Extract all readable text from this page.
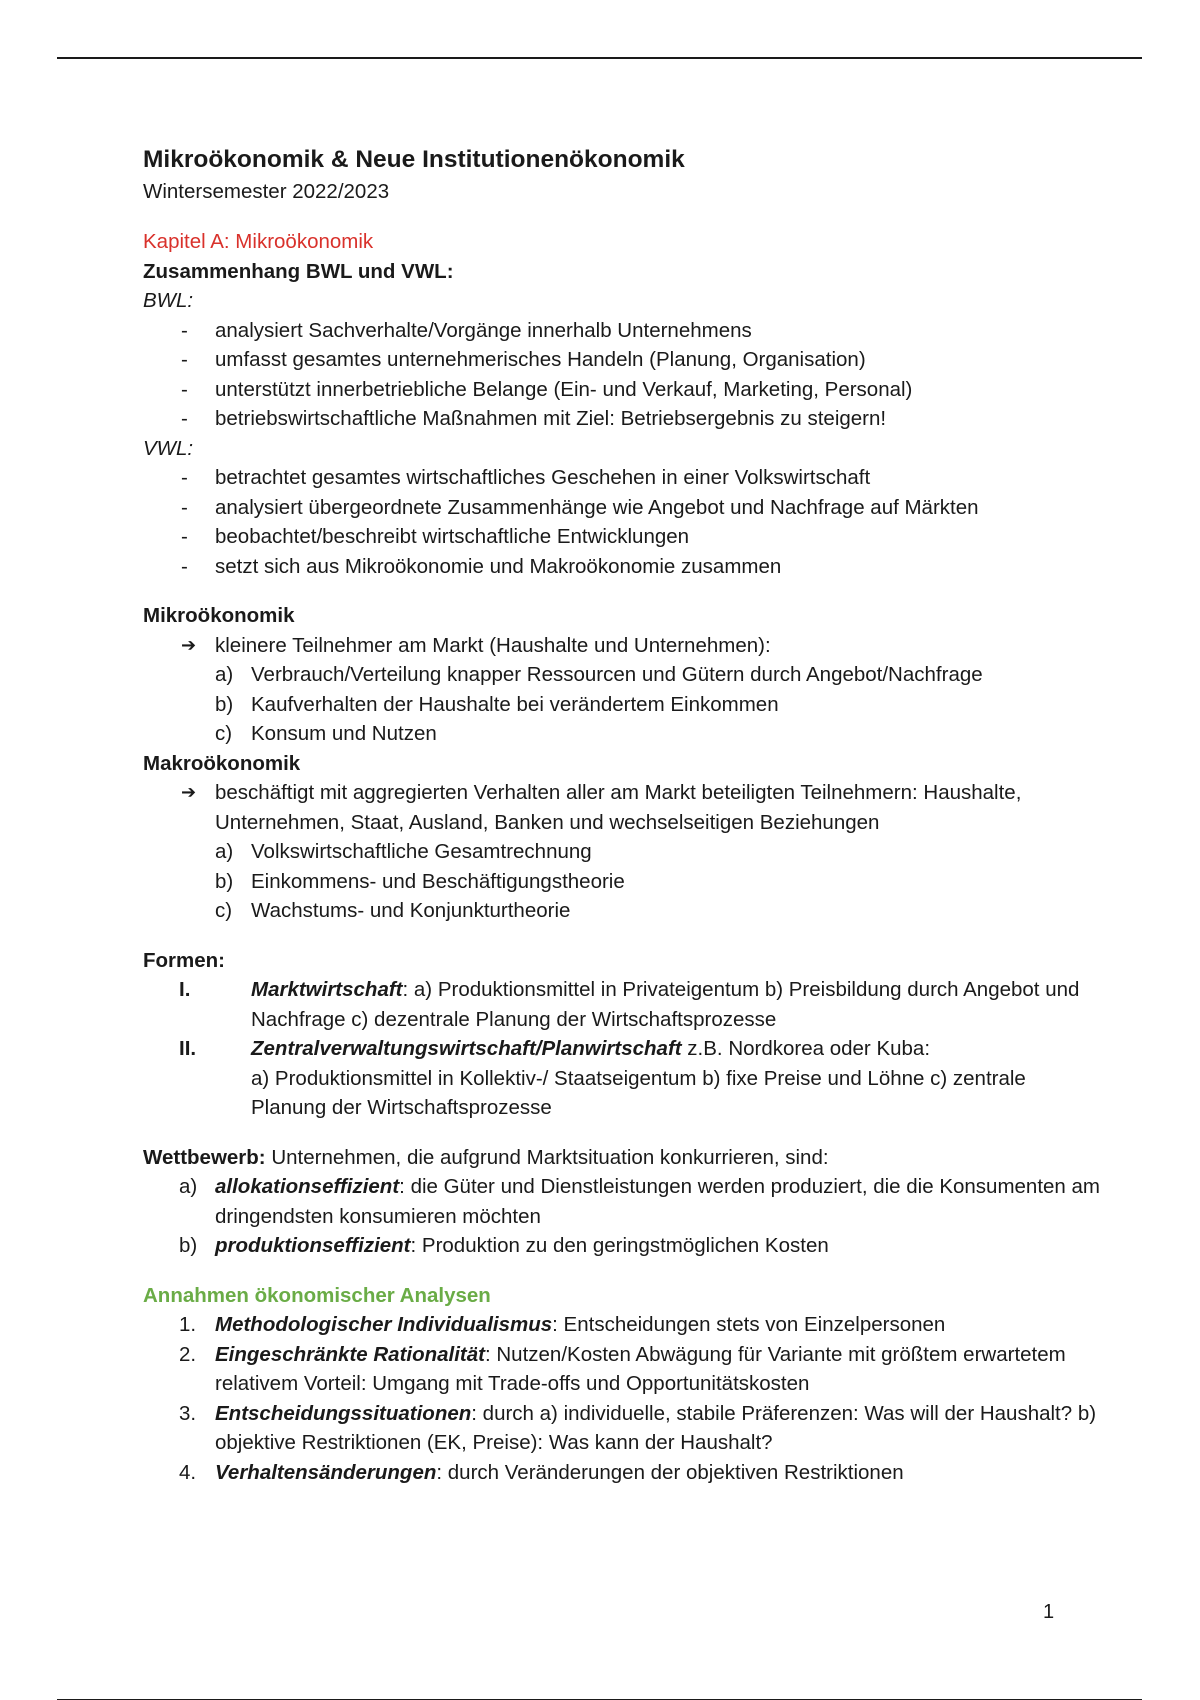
Mikroökonomik & Neue Institutionenökonomik
Wintersemester 2022/2023
Kapitel A: Mikroökonomik
Zusammenhang BWL und VWL:
BWL:
-	analysiert Sachverhalte/Vorgänge innerhalb Unternehmens
-	umfasst gesamtes unternehmerisches Handeln (Planung, Organisation)
-	unterstützt innerbetriebliche Belange (Ein- und Verkauf, Marketing, Personal)
-	betriebswirtschaftliche Maßnahmen mit Ziel: Betriebsergebnis zu steigern!
VWL:
-	betrachtet gesamtes wirtschaftliches Geschehen in einer Volkswirtschaft
-	analysiert übergeordnete Zusammenhänge wie Angebot und Nachfrage auf Märkten
-	beobachtet/beschreibt wirtschaftliche Entwicklungen
-	setzt sich aus Mikroökonomie und Makroökonomie zusammen
Mikroökonomik
➔ kleinere Teilnehmer am Markt (Haushalte und Unternehmen):
a) Verbrauch/Verteilung knapper Ressourcen und Gütern durch Angebot/Nachfrage
b) Kaufverhalten der Haushalte bei verändertem Einkommen
c) Konsum und Nutzen
Makroökonomik
➔ beschäftigt mit aggregierten Verhalten aller am Markt beteiligten Teilnehmern: Haushalte, Unternehmen, Staat, Ausland, Banken und wechselseitigen Beziehungen
a) Volkswirtschaftliche Gesamtrechnung
b) Einkommens- und Beschäftigungstheorie
c) Wachstums- und Konjunkturtheorie
Formen:
I.	Marktwirtschaft: a) Produktionsmittel in Privateigentum b) Preisbildung durch Angebot und Nachfrage c) dezentrale Planung der Wirtschaftsprozesse
II.	Zentralverwaltungswirtschaft/Planwirtschaft z.B. Nordkorea oder Kuba:
a) Produktionsmittel in Kollektiv-/ Staatseigentum b) fixe Preise und Löhne c) zentrale Planung der Wirtschaftsprozesse
Wettbewerb: Unternehmen, die aufgrund Marktsituation konkurrieren, sind:
a) allokationseffizient: die Güter und Dienstleistungen werden produziert, die die Konsumenten am dringendsten konsumieren möchten
b) produktionseffizient: Produktion zu den geringstmöglichen Kosten
Annahmen ökonomischer Analysen
1. Methodologischer Individualismus: Entscheidungen stets von Einzelpersonen
2. Eingeschränkte Rationalität: Nutzen/Kosten Abwägung für Variante mit größtem erwartetem relativem Vorteil: Umgang mit Trade-offs und Opportunitätskosten
3. Entscheidungssituationen: durch a) individuelle, stabile Präferenzen: Was will der Haushalt? b) objektive Restriktionen (EK, Preise): Was kann der Haushalt?
4. Verhaltensänderungen: durch Veränderungen der objektiven Restriktionen
1
